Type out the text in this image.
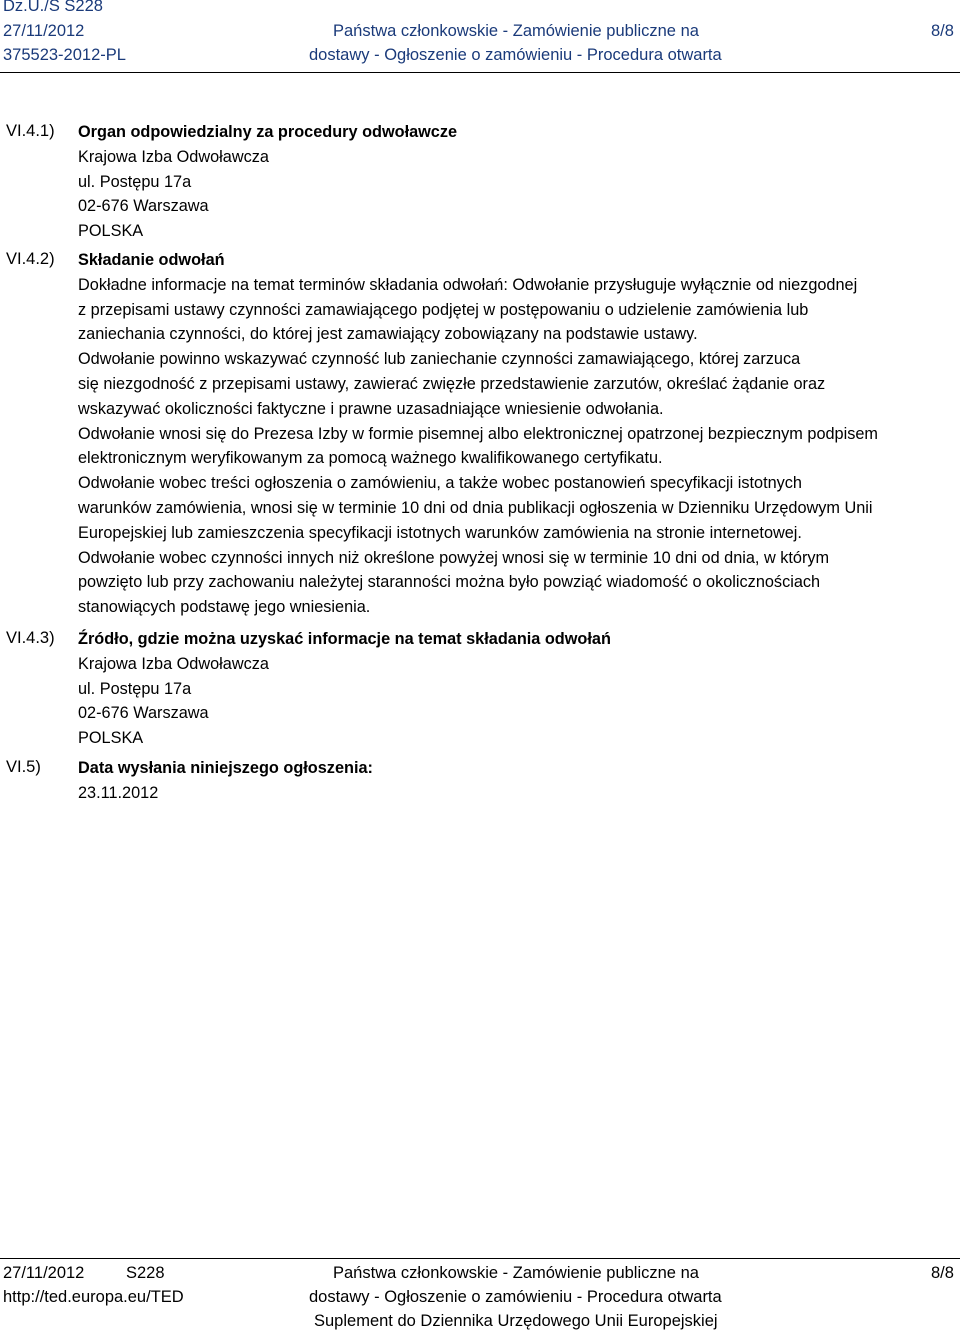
Dz.U./S S228
27/11/2012
375523-2012-PL
Państwa członkowskie - Zamówienie publiczne na
dostawy - Ogłoszenie o zamówieniu - Procedura otwarta
8/8
VI.4.1) Organ odpowiedzialny za procedury odwoławcze
Krajowa Izba Odwoławcza
ul. Postępu 17a
02-676 Warszawa
POLSKA
VI.4.2) Składanie odwołań
Dokładne informacje na temat terminów składania odwołań: Odwołanie przysługuje wyłącznie od niezgodnej
z przepisami ustawy czynności zamawiającego podjętej w postępowaniu o udzielenie zamówienia lub
zaniechania czynności, do której jest zamawiający zobowiązany na podstawie ustawy.
Odwołanie powinno wskazywać czynność lub zaniechanie czynności zamawiającego, której zarzuca
się niezgodność z przepisami ustawy, zawierać zwięzłe przedstawienie zarzutów, określać żądanie oraz
wskazywać okoliczności faktyczne i prawne uzasadniające wniesienie odwołania.
Odwołanie wnosi się do Prezesa Izby w formie pisemnej albo elektronicznej opatrzonej bezpiecznym podpisem
elektronicznym weryfikowanym za pomocą ważnego kwalifikowanego certyfikatu.
Odwołanie wobec treści ogłoszenia o zamówieniu, a także wobec postanowień specyfikacji istotnych
warunków zamówienia, wnosi się w terminie 10 dni od dnia publikacji ogłoszenia w Dzienniku Urzędowym Unii
Europejskiej lub zamieszczenia specyfikacji istotnych warunków zamówienia na stronie internetowej.
Odwołanie wobec czynności innych niż określone powyżej wnosi się w terminie 10 dni od dnia, w którym
powzięto lub przy zachowaniu należytej staranności można było powziąć wiadomość o okolicznościach
stanowiących podstawę jego wniesienia.
VI.4.3) Źródło, gdzie można uzyskać informacje na temat składania odwołań
Krajowa Izba Odwoławcza
ul. Postępu 17a
02-676 Warszawa
POLSKA
VI.5) Data wysłania niniejszego ogłoszenia:
23.11.2012
27/11/2012	S228
http://ted.europa.eu/TED
Państwa członkowskie - Zamówienie publiczne na
dostawy - Ogłoszenie o zamówieniu - Procedura otwarta
Suplement do Dziennika Urzędowego Unii Europejskiej
8/8
